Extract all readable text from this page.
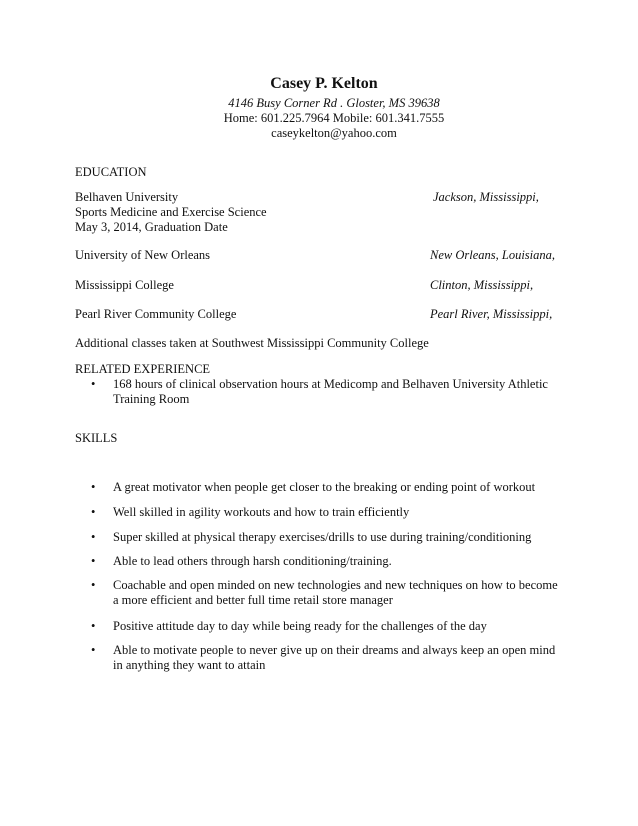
Casey P. Kelton
4146 Busy Corner Rd . Gloster, MS 39638
Home: 601.225.7964 Mobile: 601.341.7555
caseykelton@yahoo.com
EDUCATION
Belhaven University	Jackson, Mississippi,
Sports Medicine and Exercise Science
May 3, 2014, Graduation Date
University of New Orleans	New Orleans, Louisiana,
Mississippi College	Clinton, Mississippi,
Pearl River Community College	Pearl River, Mississippi,
Additional classes taken at Southwest Mississippi Community College
RELATED EXPERIENCE
• 168 hours of clinical observation hours at Medicomp and Belhaven University Athletic Training Room
SKILLS
• A great motivator when people get closer to the breaking or ending point of workout
• Well skilled in agility workouts and how to train efficiently
• Super skilled at physical therapy exercises/drills to use during training/conditioning
• Able to lead others through harsh conditioning/training.
• Coachable and open minded on new technologies and new techniques on how to become a more efficient and better full time retail store manager
• Positive attitude day to day while being ready for the challenges of the day
• Able to motivate people to never give up on their dreams and always keep an open mind in anything they want to attain
